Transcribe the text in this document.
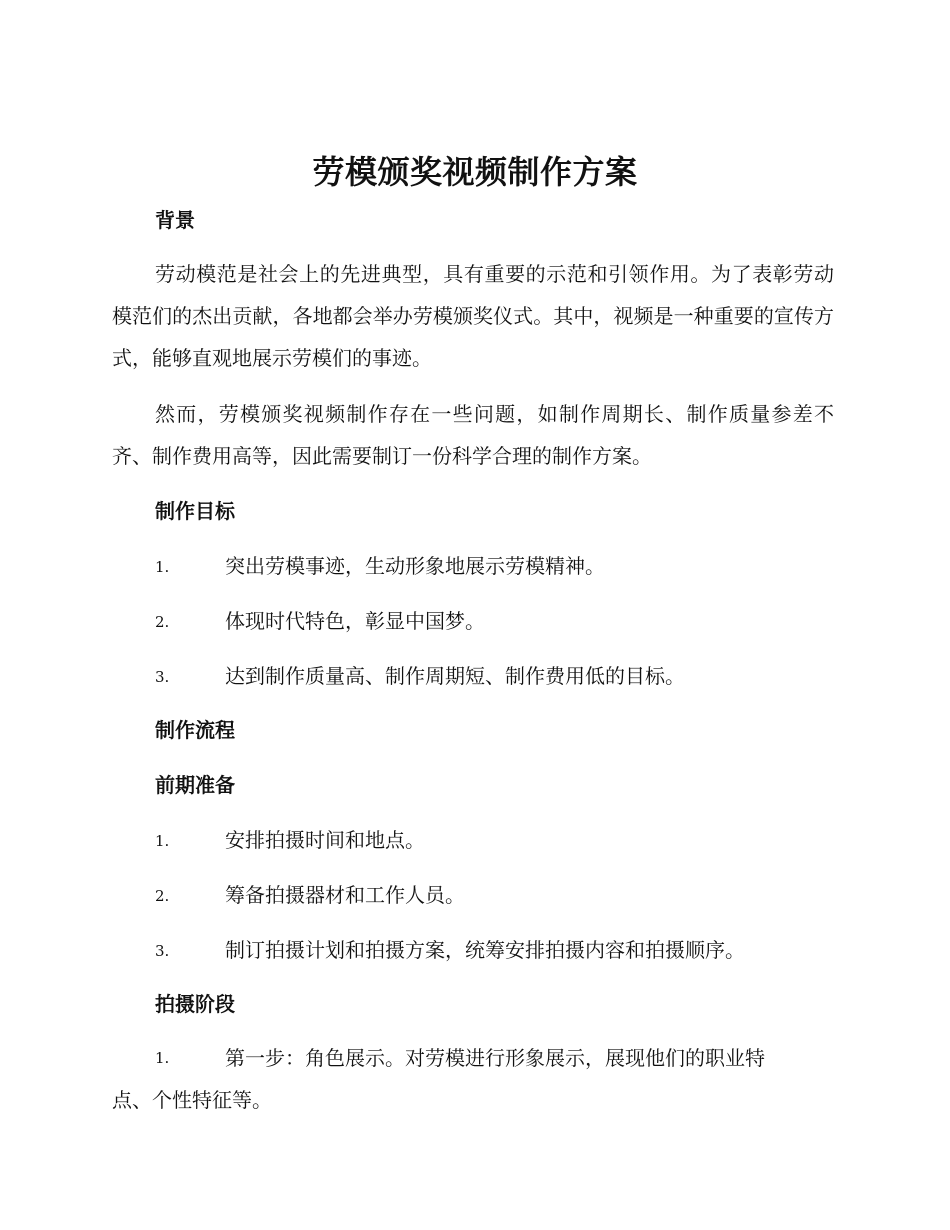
劳模颁奖视频制作方案
背景
劳动模范是社会上的先进典型，具有重要的示范和引领作用。为了表彰劳动模范们的杰出贡献，各地都会举办劳模颁奖仪式。其中，视频是一种重要的宣传方式，能够直观地展示劳模们的事迹。
然而，劳模颁奖视频制作存在一些问题，如制作周期长、制作质量参差不齐、制作费用高等，因此需要制订一份科学合理的制作方案。
制作目标
1.	突出劳模事迹，生动形象地展示劳模精神。
2.	体现时代特色，彰显中国梦。
3.	达到制作质量高、制作周期短、制作费用低的目标。
制作流程
前期准备
1.	安排拍摄时间和地点。
2.	筹备拍摄器材和工作人员。
3.	制订拍摄计划和拍摄方案，统筹安排拍摄内容和拍摄顺序。
拍摄阶段
1.	第一步：角色展示。对劳模进行形象展示，展现他们的职业特
点、个性特征等。
